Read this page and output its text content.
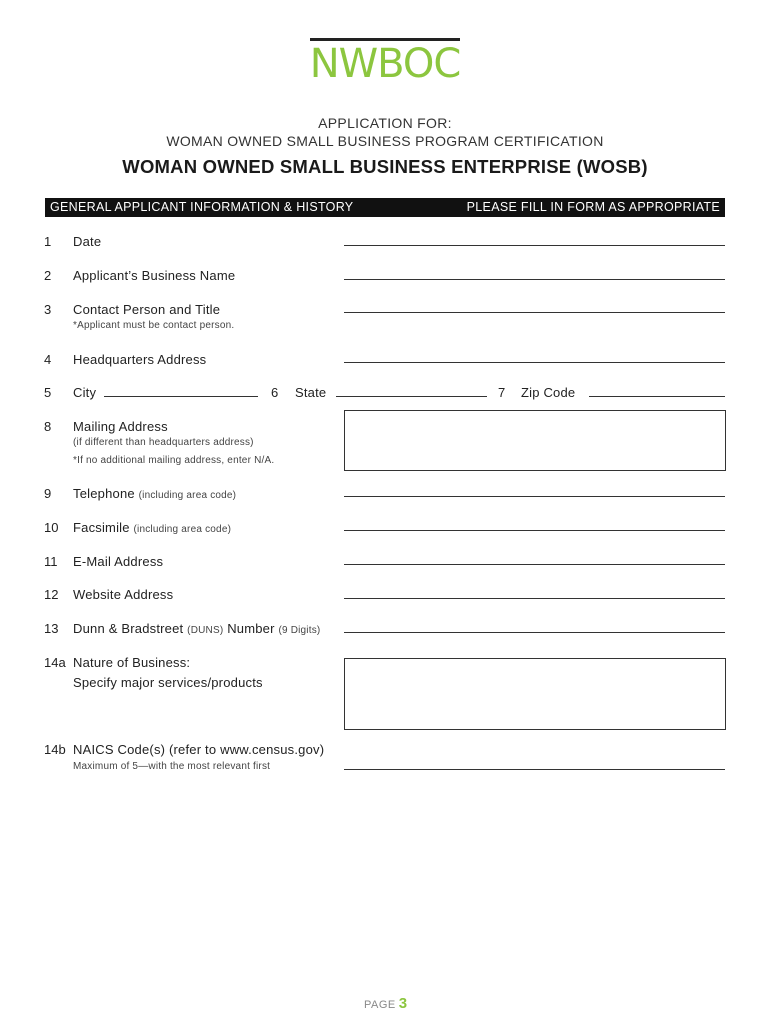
NWBOC
APPLICATION FOR:
WOMAN OWNED SMALL BUSINESS PROGRAM CERTIFICATION
WOMAN OWNED SMALL BUSINESS ENTERPRISE (WOSB)
GENERAL APPLICANT INFORMATION & HISTORY	PLEASE FILL IN FORM AS APPROPRIATE
1 Date
2 Applicant’s Business Name
3 Contact Person and Title
*Applicant must be contact person.
4 Headquarters Address
5 City	6 State	7 Zip Code
8 Mailing Address
(if different than headquarters address)
*If no additional mailing address, enter N/A.
9 Telephone (including area code)
10 Facsimile (including area code)
11 E-Mail Address
12 Website Address
13 Dunn & Bradstreet (DUNS) Number (9 Digits)
14a Nature of Business:
Specify major services/products
14b NAICS Code(s) (refer to www.census.gov)
Maximum of 5—with the most relevant first
PAGE 3
